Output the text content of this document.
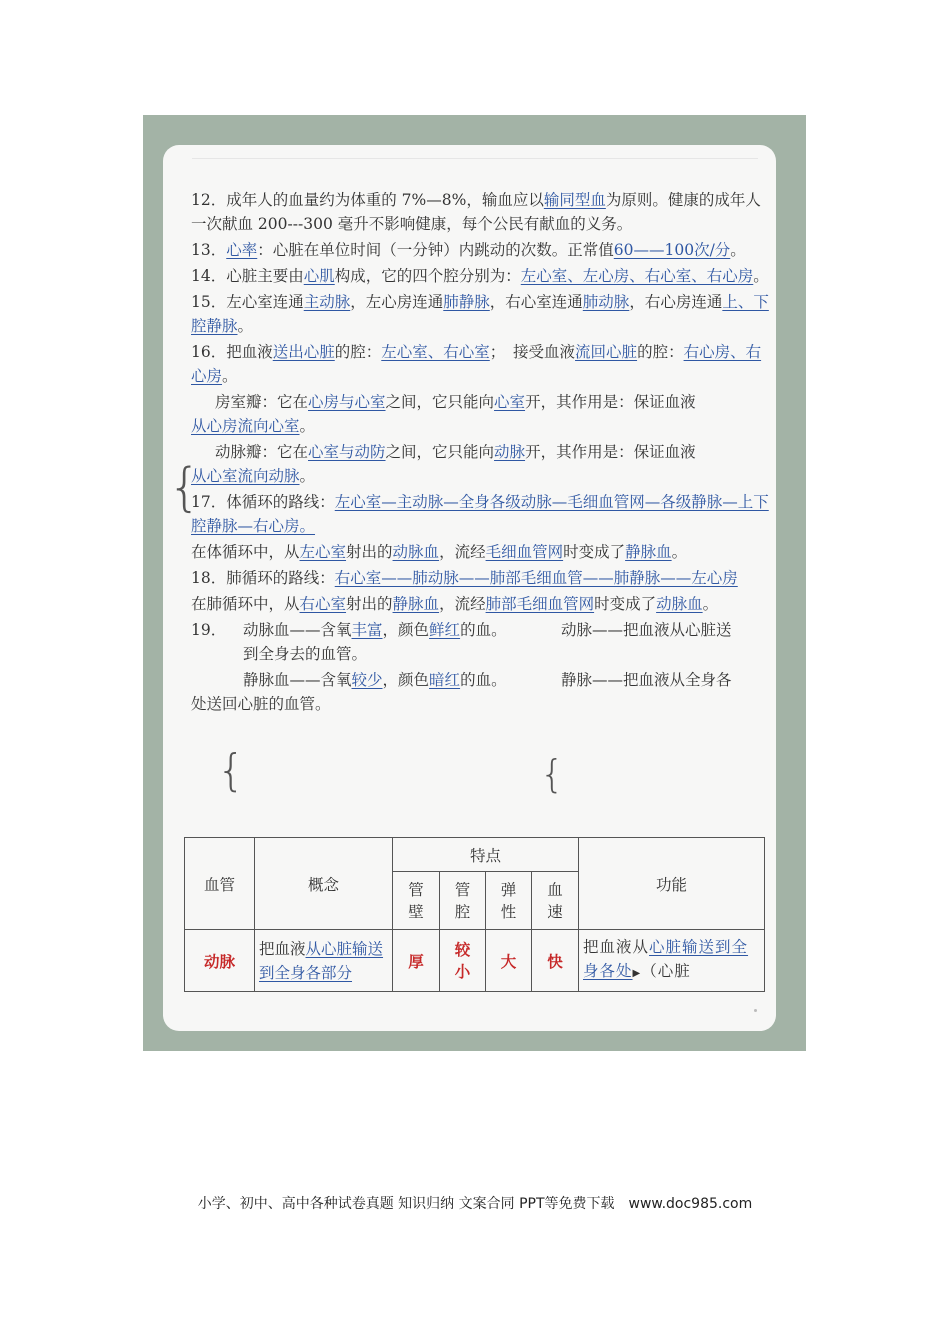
12．成年人的血量约为体重的 7%—8%，输血应以输同型血为原则。健康的成年人一次献血 200---300 毫升不影响健康，每个公民有献血的义务。

13．心率：心脏在单位时间（一分钟）内跳动的次数。正常值60——100次/分。

14．心脏主要由心肌构成，它的四个腔分别为：左心室、左心房、右心室、右心房。

15．左心室连通主动脉，左心房连通肺静脉，右心室连通肺动脉，右心房连通上、下腔静脉。

16．把血液送出心脏的腔：左心室、右心室；　接受血液流回心脏的腔：右心房、右心房。

房室瓣：它在心房与心室之间，它只能向心室开，其作用是：保证血液
从心房流向心室。

动脉瓣：它在心室与动防之间，它只能向动脉开，其作用是：保证血液
从心室流向动脉。

17．体循环的路线：左心室—主动脉—全身各级动脉—毛细血管网—各级静脉—上下腔静脉—右心房。

在体循环中，从左心室射出的动脉血，流经毛细血管网时变成了静脉血。

18．肺循环的路线：右心室——肺动脉——肺部毛细血管——肺静脉——左心房

在肺循环中，从右心室射出的静脉血，流经肺部毛细血管网时变成了动脉血。

19． 动脉血——含氧丰富，颜色鲜红的血。	动脉——把血液从心脏送
到全身去的血管。
静脉血——含氧较少，颜色暗红的血。	静脉——把血液从全身各
处送回心脏的血管。
{
{	{
血管	概念	特点				功能
		管壁	管腔	弹性	血速	
动脉	把血液从心脏输送到全身各部分	厚	较小	大	快	把血液从心脏输送到全身各处▶（心脏
小学、初中、高中各种试卷真题 知识归纳 文案合同 PPT等免费下载　www.doc985.com
